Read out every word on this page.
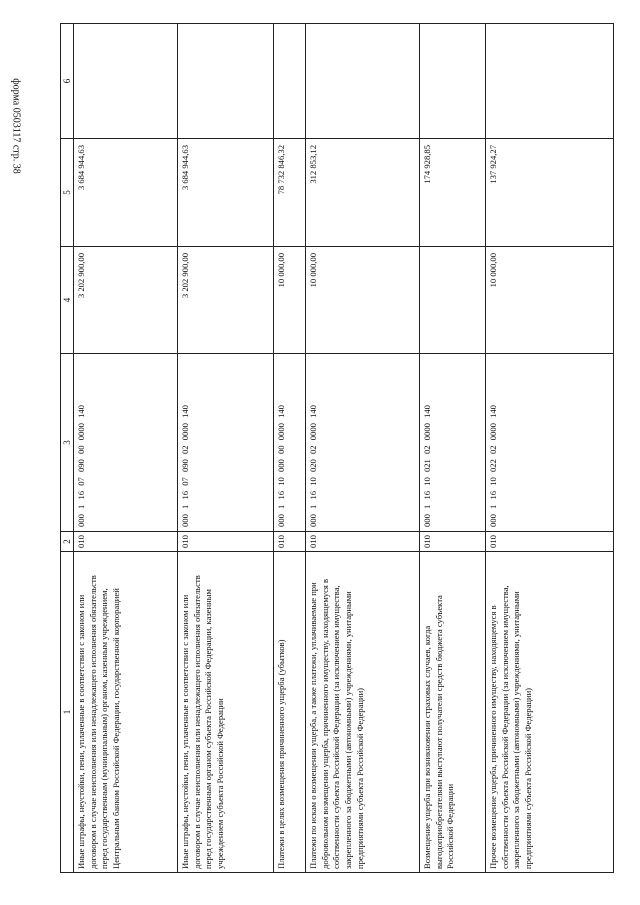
форма 0503117 стр. 38
1	2	3	4	5	6
Иные штрафы, неустойки, пени, уплаченные в соответствии с законом или договором в случае неисполнения или ненадлежащего исполнения обязательств перед государственным (муниципальным) органом, казенным учреждением, Центральным банком Российской Федерации, государственной корпорацией	010	000 1 16 07 090 00 0000 140	3 202 900,00	3 684 944,63	
Иные штрафы, неустойки, пени, уплаченные в соответствии с законом или договором в случае неисполнения или ненадлежащего исполнения обязательств перед государственным органом субъекта Российской Федерации, казенным учреждением субъекта Российской Федерации	010	000 1 16 07 090 02 0000 140	3 202 900,00	3 684 944,63	
Платежи в целях возмещения причиненного ущерба (убытков)	010	000 1 16 10 000 00 0000 140	10 000,00	78 732 846,32	
Платежи по искам о возмещении ущерба, а также платежи, уплачиваемые при добровольном возмещении ущерба, причиненного имуществу, находящемуся в собственности субъекта Российской Федерации (за исключением имущества, закрепленного за бюджетными (автономными) учреждениями, унитарными предприятиями субъекта Российской Федерации)	010	000 1 16 10 020 02 0000 140	10 000,00	312 853,12	
Возмещение ущерба при возникновении страховых случаев, когда выгодоприобретателями выступают получатели средств бюджета субъекта Российской Федерации	010	000 1 16 10 021 02 0000 140		174 928,85	
Прочее возмещение ущерба, причиненного имуществу, находящемуся в собственности субъекта Российской Федерации (за исключением имущества, закрепленного за бюджетными (автономными) учреждениями, унитарными предприятиями субъекта Российской Федерации)	010	000 1 16 10 022 02 0000 140	10 000,00	137 924,27	
